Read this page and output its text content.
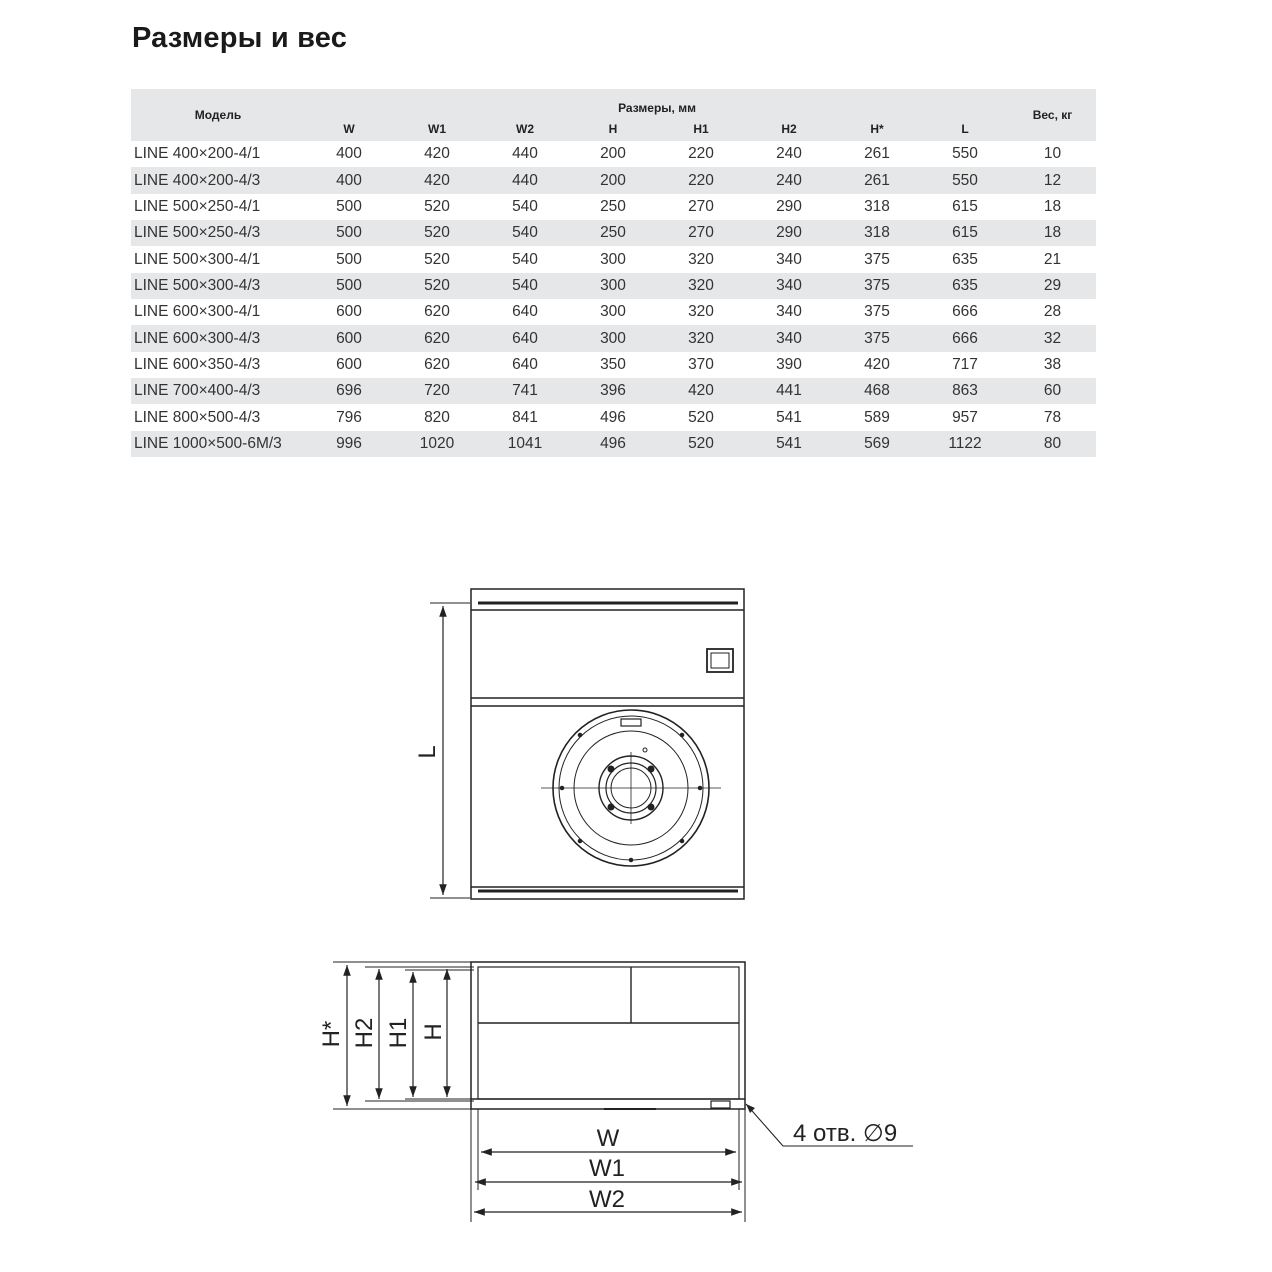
Размеры и вес
Модель	Размеры, мм								Вес, кг
	W	W1	W2	H	H1	H2	H*	L	
LINE 400×200-4/1	400	420	440	200	220	240	261	550	10
LINE 400×200-4/3	400	420	440	200	220	240	261	550	12
LINE 500×250-4/1	500	520	540	250	270	290	318	615	18
LINE 500×250-4/3	500	520	540	250	270	290	318	615	18
LINE 500×300-4/1	500	520	540	300	320	340	375	635	21
LINE 500×300-4/3	500	520	540	300	320	340	375	635	29
LINE 600×300-4/1	600	620	640	300	320	340	375	666	28
LINE 600×300-4/3	600	620	640	300	320	340	375	666	32
LINE 600×350-4/3	600	620	640	350	370	390	420	717	38
LINE 700×400-4/3	696	720	741	396	420	441	468	863	60
LINE 800×500-4/3	796	820	841	496	520	541	589	957	78
LINE 1000×500-6M/3	996	1020	1041	496	520	541	569	1122	80
L
H* H2 H1 H
W
W1
W2
4 отв. ∅9
